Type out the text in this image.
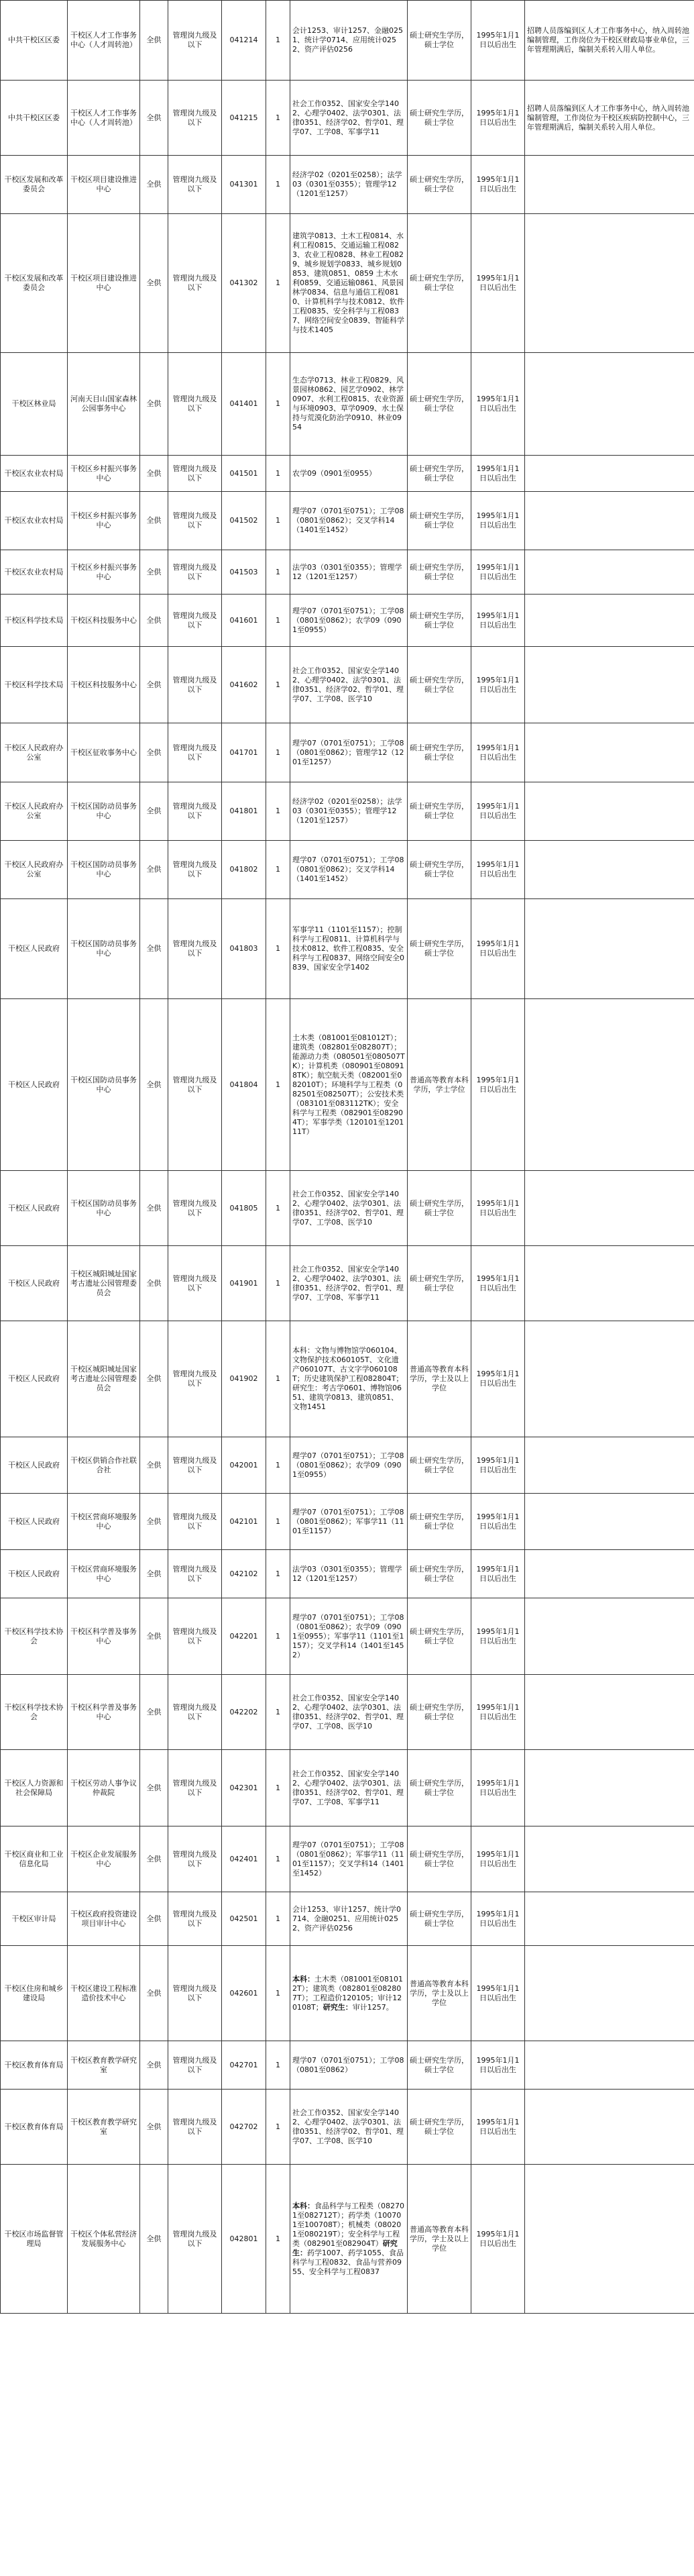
中共干校区区委	干校区人才工作事务中心（人才周转池）	全供	管理岗九级及以下	041214	1	会计1253、审计1257、金融0251、统计学0714、应用统计0252、资产评估0256	硕士研究生学历，硕士学位	1995年1月1日以后出生	招聘人员落编到区人才工作事务中心，纳入周转池编制管理，工作岗位为干校区财政局事业单位，三年管理期满后，编制关系转入用人单位。
中共干校区区委	干校区人才工作事务中心（人才周转池）	全供	管理岗九级及以下	041215	1	社会工作0352、国家安全学1402、心理学0402、法学0301、法律0351、经济学02、哲学01、理学07、工学08、军事学11	硕士研究生学历，硕士学位	1995年1月1日以后出生	招聘人员落编到区人才工作事务中心，纳入周转池编制管理，工作岗位为干校区疾病防控制中心，三年管理期满后，编制关系转入用人单位。
干校区发展和改革委员会	干校区项目建设推进中心	全供	管理岗九级及以下	041301	1	经济学02（0201至0258）；法学03（0301至0355）；管理学12（1201至1257）	硕士研究生学历，硕士学位	1995年1月1日以后出生	
干校区发展和改革委员会	干校区项目建设推进中心	全供	管理岗九级及以下	041302	1	建筑学0813、土木工程0814、水利工程0815、交通运输工程0823、农业工程0828、林业工程0829、城乡规划学0833、城乡规划0853、建筑0851、0859 土木水利0859、交通运输0861、风景园林学0834、信息与通信工程0810、计算机科学与技术0812、软件工程0835、安全科学与工程0837、网络空间安全0839、智能科学与技术1405	硕士研究生学历，硕士学位	1995年1月1日以后出生	
干校区林业局	河南天目山国家森林公园事务中心	全供	管理岗九级及以下	041401	1	生态学0713、林业工程0829、风景园林0862、园艺学0902、林学0907、水利工程0815、农业资源与环境0903、草学0909、水土保持与荒漠化防治学0910、林业0954	硕士研究生学历，硕士学位	1995年1月1日以后出生	
干校区农业农村局	干校区乡村振兴事务中心	全供	管理岗九级及以下	041501	1	农学09（0901至0955）	硕士研究生学历，硕士学位	1995年1月1日以后出生	
干校区农业农村局	干校区乡村振兴事务中心	全供	管理岗九级及以下	041502	1	理学07（0701至0751）；工学08（0801至0862）；交叉学科14（1401至1452）	硕士研究生学历，硕士学位	1995年1月1日以后出生	
干校区农业农村局	干校区乡村振兴事务中心	全供	管理岗九级及以下	041503	1	法学03（0301至0355）；管理学12（1201至1257）	硕士研究生学历，硕士学位	1995年1月1日以后出生	
干校区科学技术局	干校区科技服务中心	全供	管理岗九级及以下	041601	1	理学07（0701至0751）；工学08（0801至0862）；农学09（0901至0955）	硕士研究生学历，硕士学位	1995年1月1日以后出生	
干校区科学技术局	干校区科技服务中心	全供	管理岗九级及以下	041602	1	社会工作0352、国家安全学1402、心理学0402、法学0301、法律0351、经济学02、哲学01、理学07、工学08、医学10	硕士研究生学历，硕士学位	1995年1月1日以后出生	
干校区人民政府办公室	干校区征收事务中心	全供	管理岗九级及以下	041701	1	理学07（0701至0751）；工学08（0801至0862）；管理学12（1201至1257）	硕士研究生学历，硕士学位	1995年1月1日以后出生	
干校区人民政府办公室	干校区国防动员事务中心	全供	管理岗九级及以下	041801	1	经济学02（0201至0258）；法学03（0301至0355）；管理学12（1201至1257）	硕士研究生学历，硕士学位	1995年1月1日以后出生	
干校区人民政府办公室	干校区国防动员事务中心	全供	管理岗九级及以下	041802	1	理学07（0701至0751）；工学08（0801至0862）；交叉学科14（1401至1452）	硕士研究生学历，硕士学位	1995年1月1日以后出生	
干校区人民政府	干校区国防动员事务中心	全供	管理岗九级及以下	041803	1	军事学11（1101至1157）；控制科学与工程0811、计算机科学与技术0812、软件工程0835、安全科学与工程0837、网络空间安全0839、国家安全学1402	硕士研究生学历，硕士学位	1995年1月1日以后出生	
干校区人民政府	干校区国防动员事务中心	全供	管理岗九级及以下	041804	1	土木类（081001至081012T）；建筑类（082801至082807T）；能源动力类（080501至080507TK）；计算机类（080901至080918TK）；航空航天类（082001至082010T）；环境科学与工程类（082501至082507T）；公安技术类（083101至083112TK）；安全科学与工程类（082901至082904T）；军事学类（120101至120111T）	普通高等教育本科学历，学士学位	1995年1月1日以后出生	
干校区人民政府	干校区国防动员事务中心	全供	管理岗九级及以下	041805	1	社会工作0352、国家安全学1402、心理学0402、法学0301、法律0351、经济学02、哲学01、理学07、工学08、医学10	硕士研究生学历，硕士学位	1995年1月1日以后出生	
干校区人民政府	干校区城阳城址国家考古遗址公园管理委员会	全供	管理岗九级及以下	041901	1	社会工作0352、国家安全学1402、心理学0402、法学0301、法律0351、经济学02、哲学01、理学07、工学08、军事学11	硕士研究生学历，硕士学位	1995年1月1日以后出生	
干校区人民政府	干校区城阳城址国家考古遗址公园管理委员会	全供	管理岗九级及以下	041902	1	本科：文物与博物馆学060104、文物保护技术060105T、文化遗产060107T、古文字学060108T；历史建筑保护工程082804T；研究生：考古学0601、博物馆0651、建筑学0813、建筑0851、文物1451	普通高等教育本科学历，学士及以上学位	1995年1月1日以后出生	
干校区人民政府	干校区供销合作社联合社	全供	管理岗九级及以下	042001	1	理学07（0701至0751）；工学08（0801至0862）；农学09（0901至0955）	硕士研究生学历，硕士学位	1995年1月1日以后出生	
干校区人民政府	干校区营商环境服务中心	全供	管理岗九级及以下	042101	1	理学07（0701至0751）；工学08（0801至0862）；军事学11（1101至1157）	硕士研究生学历，硕士学位	1995年1月1日以后出生	
干校区人民政府	干校区营商环境服务中心	全供	管理岗九级及以下	042102	1	法学03（0301至0355）；管理学12（1201至1257）	硕士研究生学历，硕士学位	1995年1月1日以后出生	
干校区科学技术协会	干校区科学普及事务中心	全供	管理岗九级及以下	042201	1	理学07（0701至0751）；工学08（0801至0862）；农学09（0901至0955）；军事学11（1101至1157）；交叉学科14（1401至1452）	硕士研究生学历，硕士学位	1995年1月1日以后出生	
干校区科学技术协会	干校区科学普及事务中心	全供	管理岗九级及以下	042202	1	社会工作0352、国家安全学1402、心理学0402、法学0301、法律0351、经济学02、哲学01、理学07、工学08、医学10	硕士研究生学历，硕士学位	1995年1月1日以后出生	
干校区人力资源和社会保障局	干校区劳动人事争议仲裁院	全供	管理岗九级及以下	042301	1	社会工作0352、国家安全学1402、心理学0402、法学0301、法律0351、经济学02、哲学01、理学07、工学08、军事学11	硕士研究生学历，硕士学位	1995年1月1日以后出生	
干校区商业和工业信息化局	干校区企业发展服务中心	全供	管理岗九级及以下	042401	1	理学07（0701至0751）；工学08（0801至0862）；军事学11（1101至1157）；交叉学科14（1401至1452）	硕士研究生学历，硕士学位	1995年1月1日以后出生	
干校区审计局	干校区政府投资建设项目审计中心	全供	管理岗九级及以下	042501	1	会计1253、审计1257、统计学0714、金融0251、应用统计0252、资产评估0256	硕士研究生学历，硕士学位	1995年1月1日以后出生	
干校区住房和城乡建设局	干校区建设工程标准造价技术中心	全供	管理岗九级及以下	042601	1	本科：土木类（081001至081012T）；建筑类（082801至082807T）；工程造价120105；审计120108T；研究生：审计1257。	普通高等教育本科学历，学士及以上学位	1995年1月1日以后出生	
干校区教育体育局	干校区教育教学研究室	全供	管理岗九级及以下	042701	1	理学07（0701至0751）；工学08（0801至0862）	硕士研究生学历，硕士学位	1995年1月1日以后出生	
干校区教育体育局	干校区教育教学研究室	全供	管理岗九级及以下	042702	1	社会工作0352、国家安全学1402、心理学0402、法学0301、法律0351、经济学02、哲学01、理学07、工学08、医学10	硕士研究生学历，硕士学位	1995年1月1日以后出生	
干校区市场监督管理局	干校区个体私营经济发展服务中心	全供	管理岗九级及以下	042801	1	本科：食品科学与工程类（082701至082712T）；药学类（100701至100708T）；机械类（080201至080219T）；安全科学与工程类（082901至082904T）研究生：药学1007、药学1055、食品科学与工程0832、食品与营养0955、安全科学与工程0837	普通高等教育本科学历，学士及以上学位	1995年1月1日以后出生	
